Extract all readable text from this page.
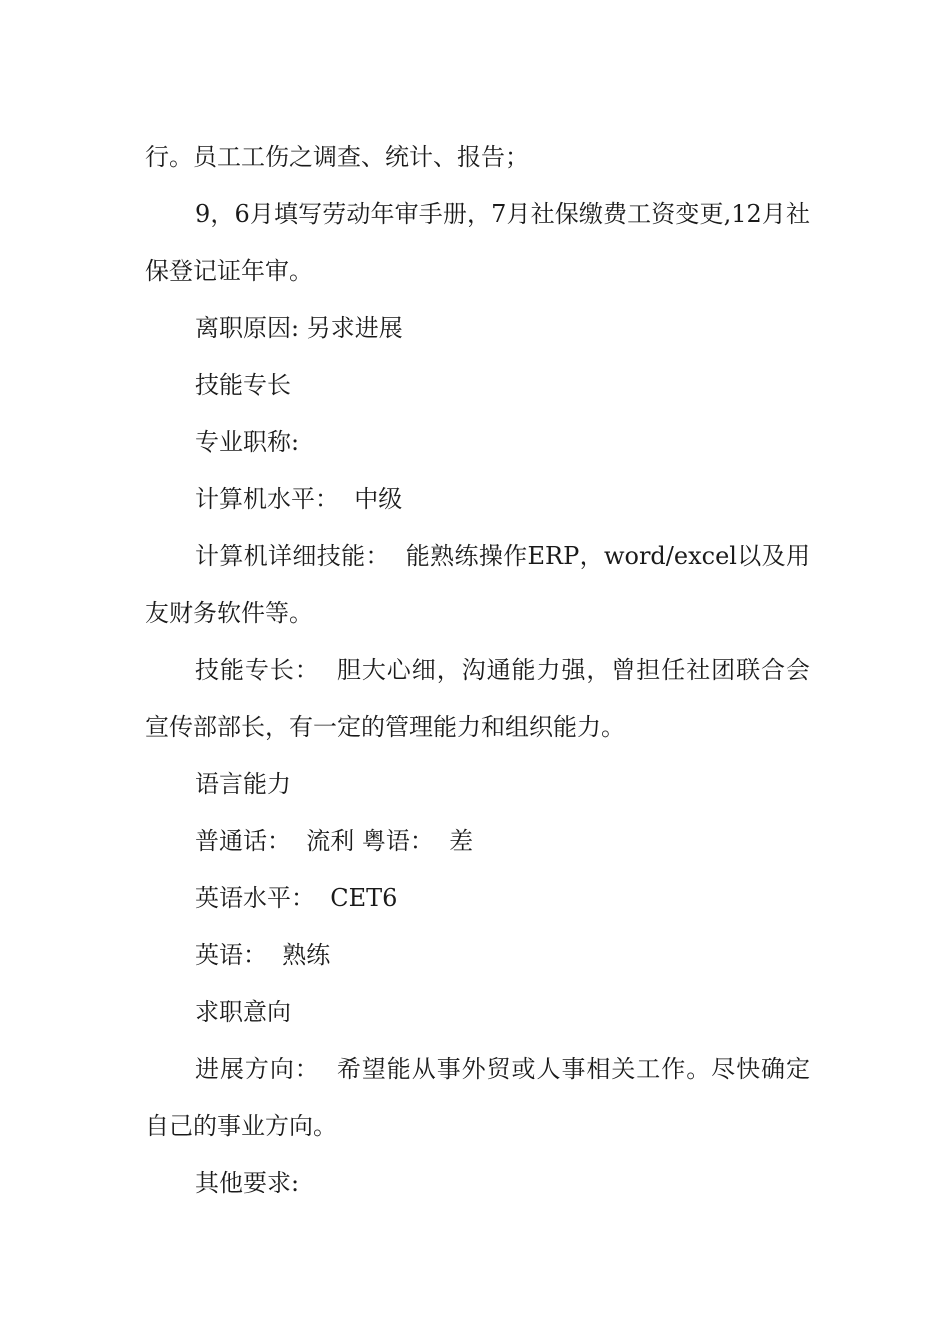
行。员工工伤之调查、统计、报告；

9，6月填写劳动年审手册，7月社保缴费工资变更,12月社保登记证年审。

离职原因: 另求进展

技能专长

专业职称:

计算机水平：  中级

计算机详细技能：  能熟练操作ERP，word/excel以及用友财务软件等。

技能专长：  胆大心细，沟通能力强，曾担任社团联合会宣传部部长，有一定的管理能力和组织能力。

语言能力

普通话：  流利 粤语：  差

英语水平：  CET6

英语：  熟练

求职意向

进展方向：  希望能从事外贸或人事相关工作。尽快确定自己的事业方向。

其他要求:
